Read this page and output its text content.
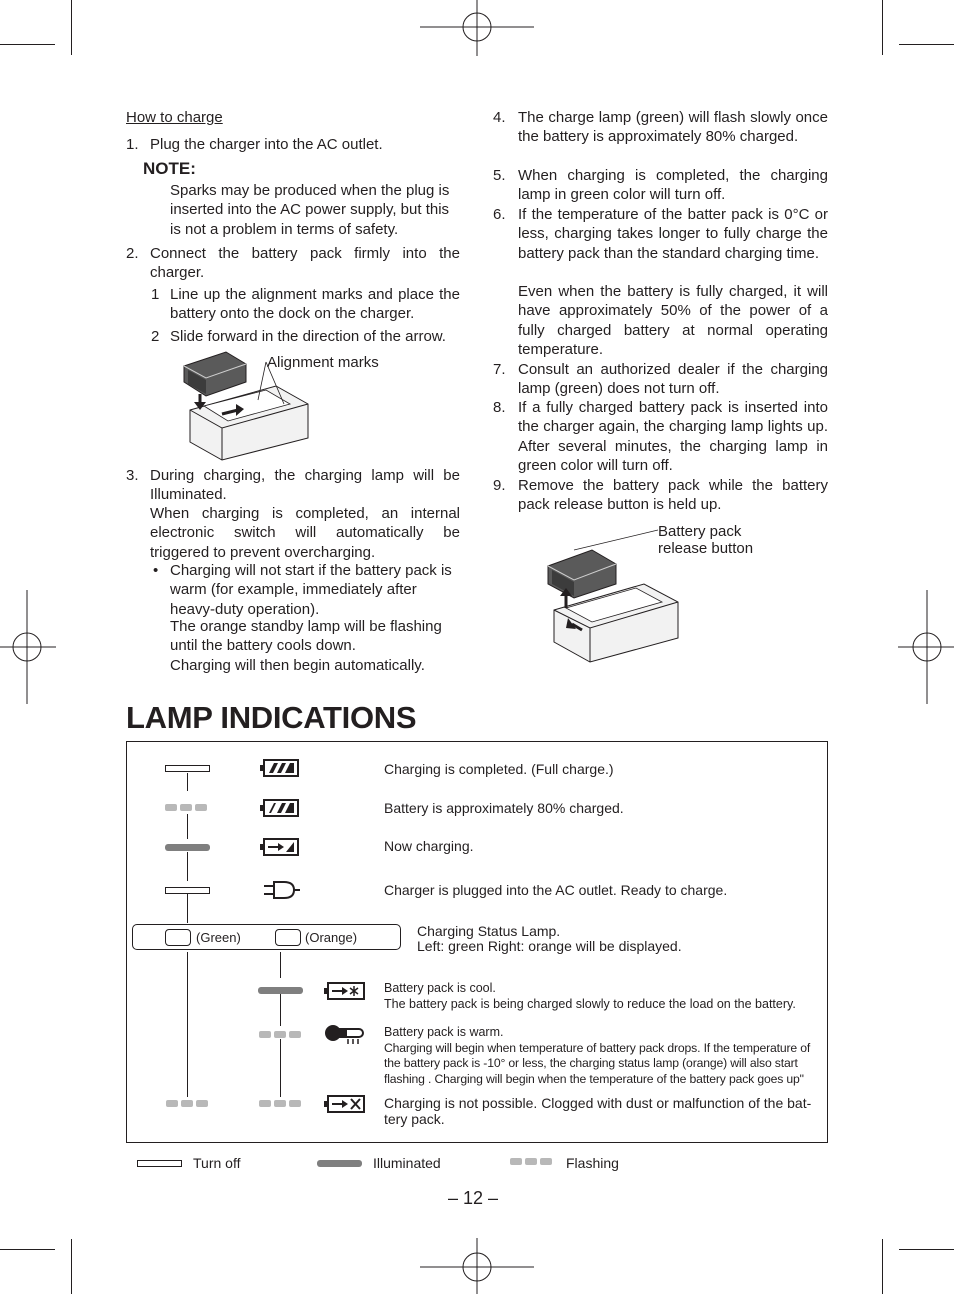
How to charge
1. Plug the charger into the AC outlet.
NOTE:
Sparks may be produced when the plug is inserted into the AC power supply, but this is not a problem in terms of safety.
2. Connect the battery pack firmly into the charger.
1 Line up the alignment marks and place the battery onto the dock on the charger.
2 Slide forward in the direction of the arrow.
Alignment marks
3. During charging, the charging lamp will be Illuminated.
When charging is completed, an internal electronic switch will automatically be triggered to prevent overcharging.
• Charging will not start if the battery pack is warm (for example, immediately after heavy-duty operation).
The orange standby lamp will be flashing until the battery cools down.
Charging will then begin automatically.
4. The charge lamp (green) will flash slowly once the battery is approximately 80% charged.
5. When charging is completed, the charging lamp in green color will turn off.
6. If the temperature of the batter pack is 0°C or less, charging takes longer to fully charge the battery pack than the standard charging time.
Even when the battery is fully charged, it will have approximately 50% of the power of a fully charged battery at normal operating temperature.
7. Consult an authorized dealer if the charging lamp (green) does not turn off.
8. If a fully charged battery pack is inserted into the charger again, the charging lamp lights up. After several minutes, the charging lamp in green color will turn off.
9. Remove the battery pack while the battery pack release button is held up.
Battery pack
release button
LAMP INDICATIONS
Charging is completed. (Full charge.)
Battery is approximately 80% charged.
Now charging.
Charger is plugged into the AC outlet. Ready to charge.
(Green)	(Orange)	Charging Status Lamp.
Left: green Right: orange will be displayed.
Battery pack is cool.
The battery pack is being charged slowly to reduce the load on the battery.
Battery pack is warm.
Charging will begin when temperature of battery pack drops. If the temperature of the battery pack is -10° or less, the charging status lamp (orange) will also start flashing . Charging will begin when the temperature of the battery pack goes up"
Charging is not possible. Clogged with dust or malfunction of the bat-tery pack.
Turn off	Illuminated	Flashing
– 12 –
